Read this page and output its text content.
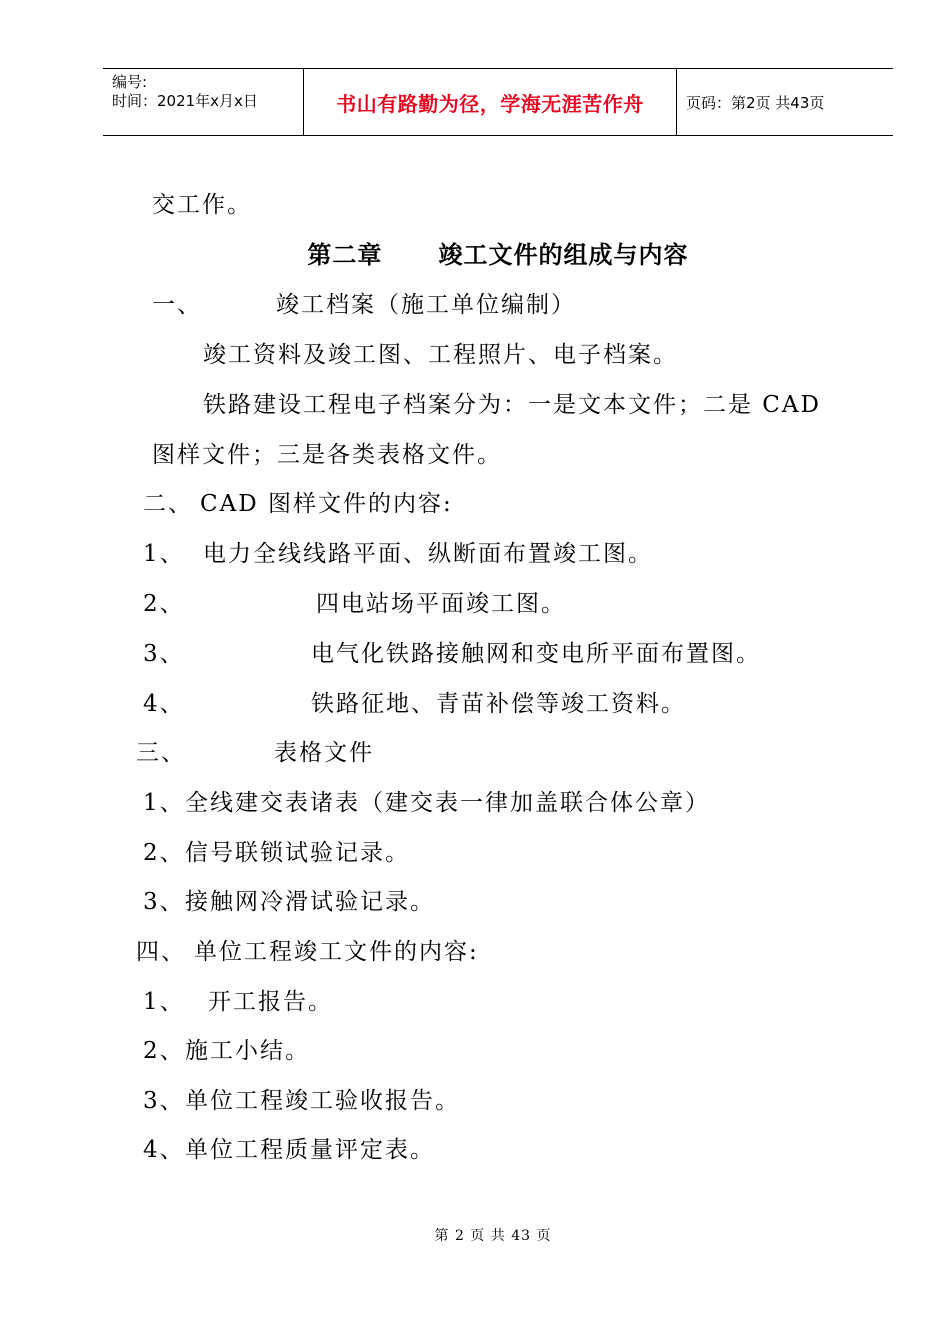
编号:
时间：2021年x月x日	书山有路勤为径，学海无涯苦作舟	页码：第2页 共43页
交工作。
第二章      竣工文件的组成与内容
一、	竣工档案（施工单位编制）
竣工资料及竣工图、工程照片、电子档案。
铁路建设工程电子档案分为：一是文本文件；二是 CAD
图样文件；三是各类表格文件。
二、 CAD 图样文件的内容:
1、 电力全线线路平面、纵断面布置竣工图。
2、	四电站场平面竣工图。
3、	电气化铁路接触网和变电所平面布置图。
4、	铁路征地、青苗补偿等竣工资料。
三、	表格文件
1、 全线建交表诸表（建交表一律加盖联合体公章）
2、 信号联锁试验记录。
3、 接触网冷滑试验记录。
四、 单位工程竣工文件的内容:
1、 开工报告。
2、 施工小结。
3、 单位工程竣工验收报告。
4、 单位工程质量评定表。
第 2 页 共 43 页
